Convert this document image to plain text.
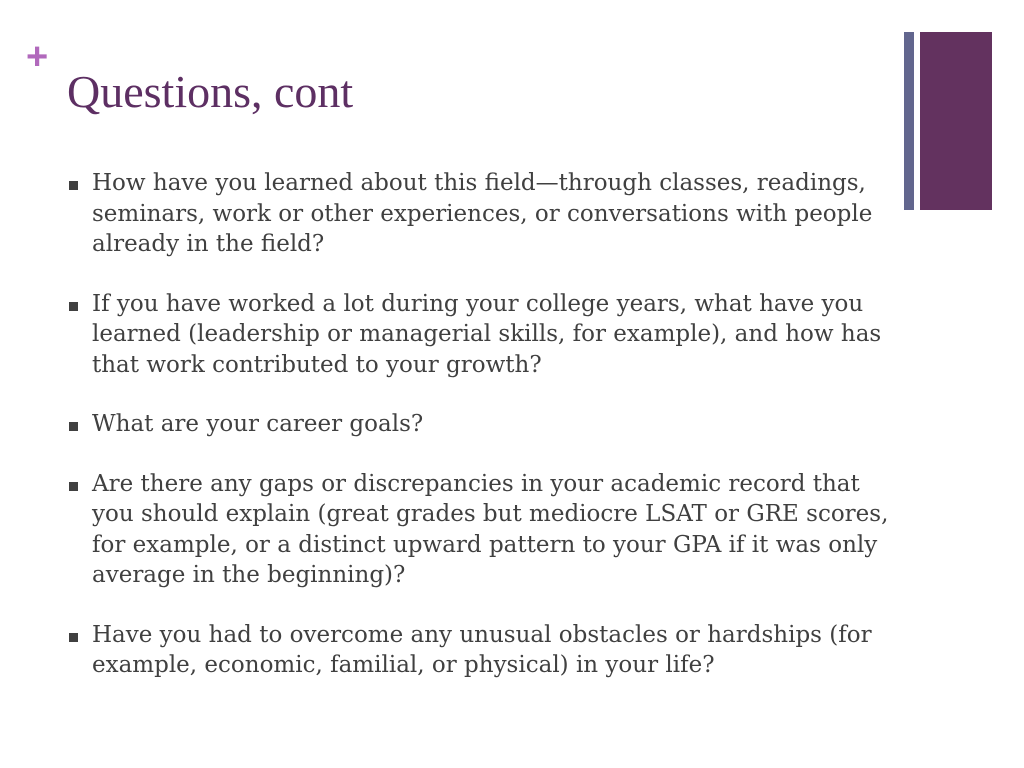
+
Questions, cont
How have you learned about this field—through classes, readings, seminars, work or other experiences, or conversations with people already in the field?
If you have worked a lot during your college years, what have you learned (leadership or managerial skills, for example), and how has that work contributed to your growth?
What are your career goals?
Are there any gaps or discrepancies in your academic record that you should explain (great grades but mediocre LSAT or GRE scores, for example, or a distinct upward pattern to your GPA if it was only average in the beginning)?
Have you had to overcome any unusual obstacles or hardships (for example, economic, familial, or physical) in your life?
